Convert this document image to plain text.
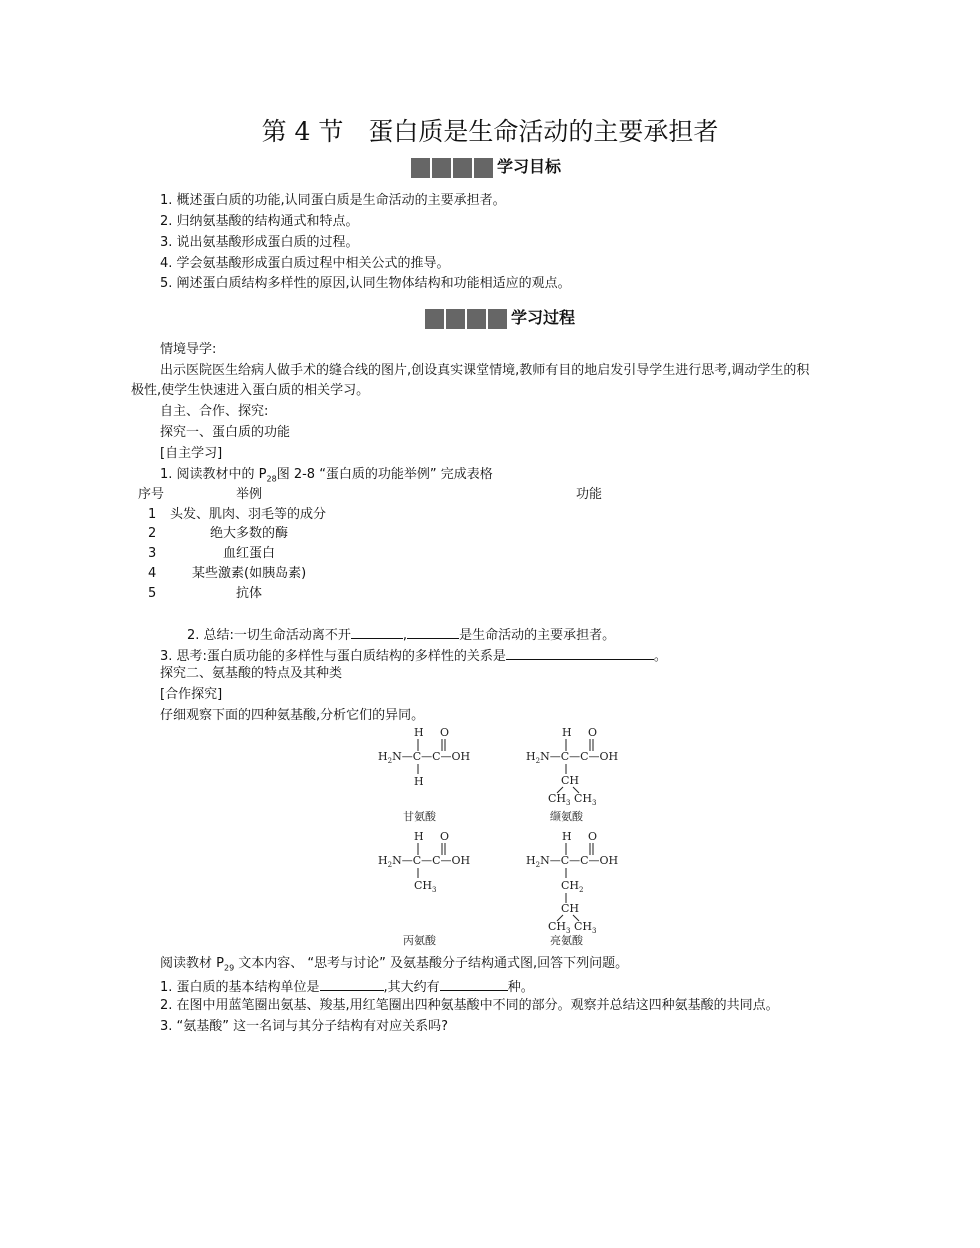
第 4 节　蛋白质是生命活动的主要承担者
学习目标
1. 概述蛋白质的功能,认同蛋白质是生命活动的主要承担者。
2. 归纳氨基酸的结构通式和特点。
3. 说出氨基酸形成蛋白质的过程。
4. 学会氨基酸形成蛋白质过程中相关公式的推导。
5. 阐述蛋白质结构多样性的原因,认同生物体结构和功能相适应的观点。
学习过程
情境导学:
出示医院医生给病人做手术的缝合线的图片,创设真实课堂情境,教师有目的地启发引导学生进行思考,调动学生的积
极性,使学生快速进入蛋白质的相关学习。
自主、合作、探究:
探究一、蛋白质的功能
[自主学习]
1. 阅读教材中的 $P_{28}$图 2-8 “蛋白质的功能举例” 完成表格
序号	举例	功能
1 头发、肌肉、羽毛等的成分
2	绝大多数的酶
3	血红蛋白
4	某些激素(如胰岛素)
5	抗体
2. 总结:一切生命活动离不开	,	是生命活动的主要承担者。
3. 思考:蛋白质功能的多样性与蛋白质结构的多样性的关系是	。
探究二、氨基酸的特点及其种类
[合作探究]
仔细观察下面的四种氨基酸,分析它们的异同。
H O
$H_2N—C—C—OH$
H
甘氨酸
H O
$H_2N—C—C—OH$
CH
$CH_3$ $CH_3$
缬氨酸
H O
$H_2N—C—C—OH$
$CH_3$
丙氨酸
H O
$H_2N—C—C—OH$
$CH_2$
CH
$CH_3$ $CH_3$
亮氨酸
阅读教材 $P_{29}$ 文本内容、 “思考与讨论” 及氨基酸分子结构通式图,回答下列问题。
1. 蛋白质的基本结构单位是	,其大约有	种。
2. 在图中用蓝笔圈出氨基、羧基,用红笔圈出四种氨基酸中不同的部分。观察并总结这四种氨基酸的共同点。
3. “氨基酸” 这一名词与其分子结构有对应关系吗?
